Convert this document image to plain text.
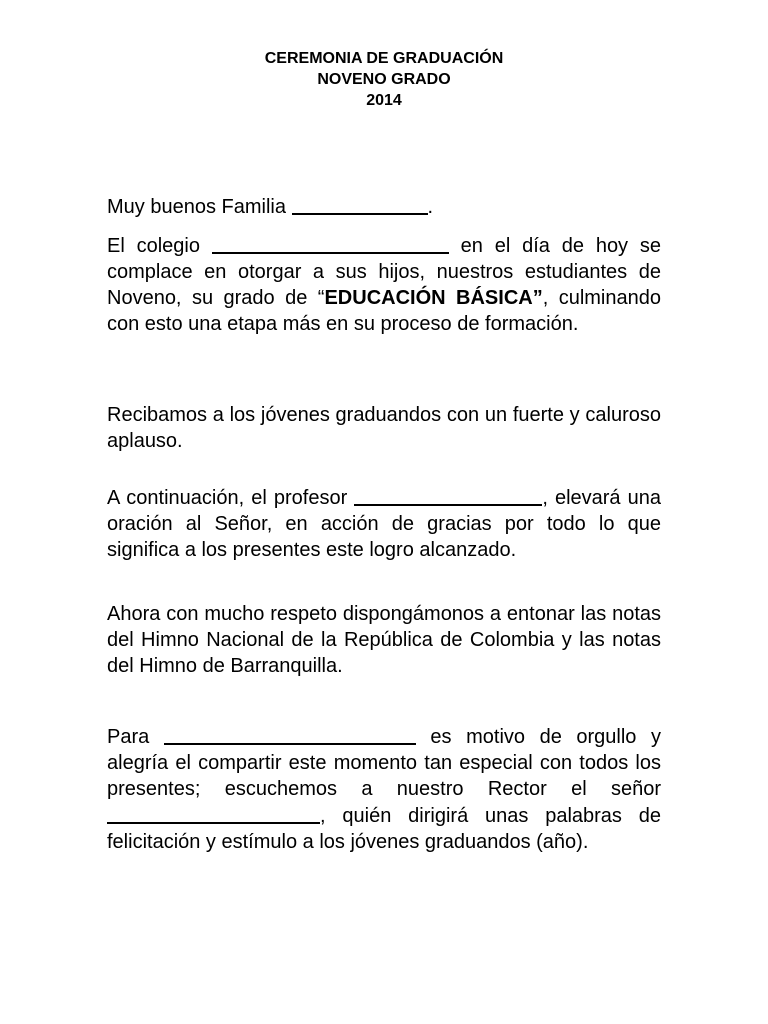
CEREMONIA DE GRADUACIÓN
NOVENO GRADO
2014

Muy buenos Familia	.

El colegio	en el día de hoy se complace en otorgar a sus hijos, nuestros estudiantes de Noveno, su grado de “EDUCACIÓN BÁSICA”, culminando con esto una etapa más en su proceso de formación.

Recibamos a los jóvenes graduandos con un fuerte y caluroso aplauso.

A continuación, el profesor	, elevará una oración al Señor, en acción de gracias por todo lo que significa a los presentes este logro alcanzado.

Ahora con mucho respeto dispongámonos a entonar las notas del Himno Nacional de la República de Colombia y las notas del Himno de Barranquilla.

Para	es motivo de orgullo y alegría el compartir este momento tan especial con todos los presentes; escuchemos a nuestro Rector el señor , quién dirigirá unas palabras de felicitación y estímulo a los jóvenes graduandos (año).
